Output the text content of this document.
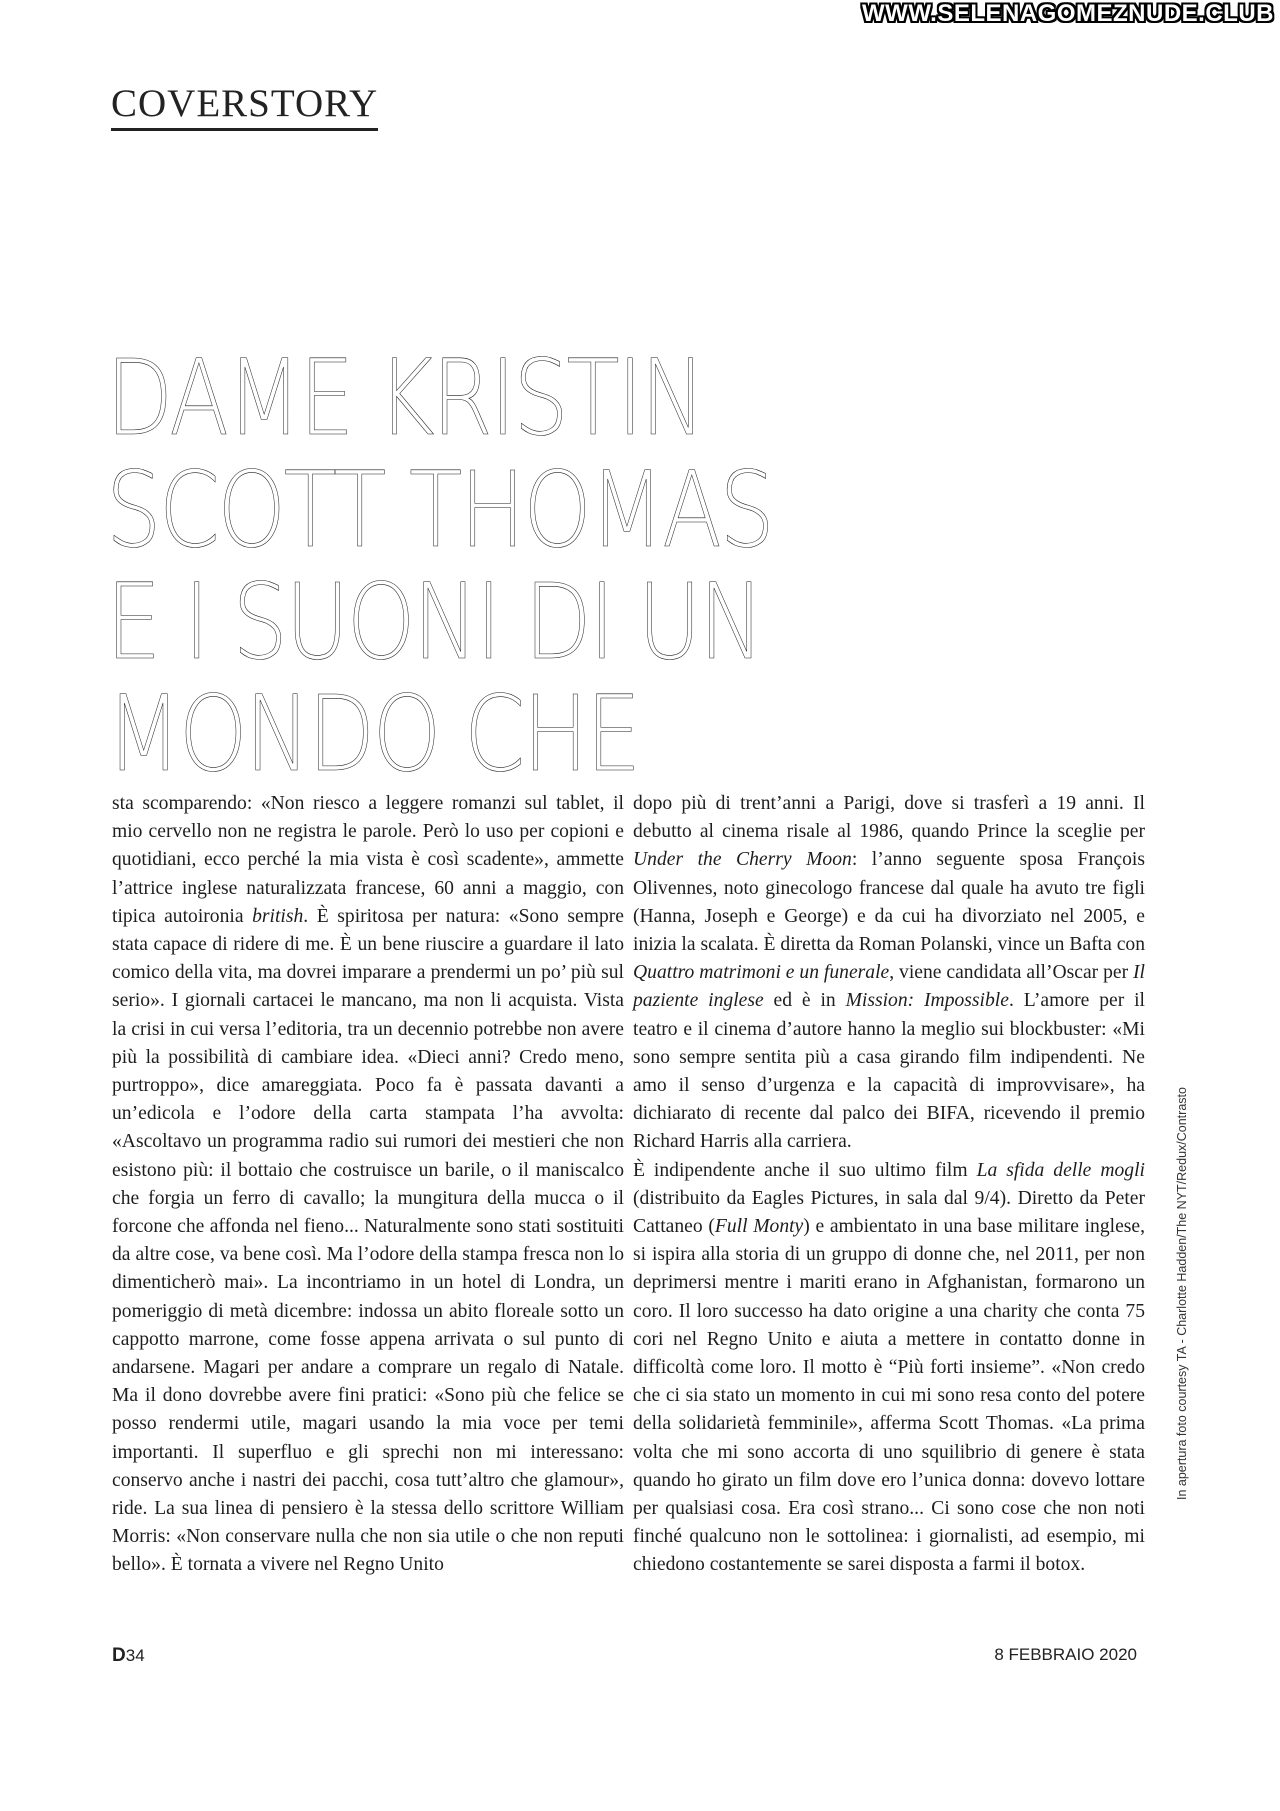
WWW.SELENAGOMEZNUDE.CLUB
COVERSTORY
DAME KRISTIN
SCOTT THOMAS
E I SUONI DI UN
MONDO CHE

sta scomparendo: «Non riesco a leggere romanzi sul tablet, il mio cervello non ne registra le parole. Però lo uso per copioni e quotidiani, ecco perché la mia vista è così scadente», ammette l’attrice inglese naturalizzata francese, 60 anni a maggio, con tipica autoironia british. È spiritosa per natura: «Sono sempre stata capace di ridere di me. È un bene riuscire a guardare il lato comico della vita, ma dovrei imparare a prendermi un po’ più sul serio». I giornali cartacei le mancano, ma non li acquista. Vista la crisi in cui versa l’editoria, tra un decennio potrebbe non avere più la possibilità di cambiare idea. «Dieci anni? Credo meno, purtroppo», dice amareggiata. Poco fa è passata davanti a un’edicola e l’odore della carta stampata l’ha avvolta: «Ascoltavo un programma radio sui rumori dei mestieri che non esistono più: il bottaio che costruisce un barile, o il maniscalco che forgia un ferro di cavallo; la mungitura della mucca o il forcone che affonda nel fieno... Naturalmente sono stati sostituiti da altre cose, va bene così. Ma l’odore della stampa fresca non lo dimenticherò mai». La incontriamo in un hotel di Londra, un pomeriggio di metà dicembre: indossa un abito floreale sotto un cappotto marrone, come fosse appena arrivata o sul punto di andarsene. Magari per andare a comprare un regalo di Natale. Ma il dono dovrebbe avere fini pratici: «Sono più che felice se posso rendermi utile, magari usando la mia voce per temi importanti. Il superfluo e gli sprechi non mi interessano: conservo anche i nastri dei pacchi, cosa tutt’altro che glamour», ride. La sua linea di pensiero è la stessa dello scrittore William Morris: «Non conservare nulla che non sia utile o che non reputi bello». È tornata a vivere nel Regno Unito

dopo più di trent’anni a Parigi, dove si trasferì a 19 anni. Il debutto al cinema risale al 1986, quando Prince la sceglie per Under the Cherry Moon: l’anno seguente sposa François Olivennes, noto ginecologo francese dal quale ha avuto tre figli (Hanna, Joseph e George) e da cui ha divorziato nel 2005, e inizia la scalata. È diretta da Roman Polanski, vince un Bafta con Quattro matrimoni e un funerale, viene candidata all’Oscar per Il paziente inglese ed è in Mission: Impossible. L’amore per il teatro e il cinema d’autore hanno la meglio sui blockbuster: «Mi sono sempre sentita più a casa girando film indipendenti. Ne amo il senso d’urgenza e la capacità di improvvisare», ha dichiarato di recente dal palco dei BIFA, ricevendo il premio Richard Harris alla carriera.

È indipendente anche il suo ultimo film La sfida delle mogli (distribuito da Eagles Pictures, in sala dal 9/4). Diretto da Peter Cattaneo (Full Monty) e ambientato in una base militare inglese, si ispira alla storia di un gruppo di donne che, nel 2011, per non deprimersi mentre i mariti erano in Afghanistan, formarono un coro. Il loro successo ha dato origine a una charity che conta 75 cori nel Regno Unito e aiuta a mettere in contatto donne in difficoltà come loro. Il motto è “Più forti insieme”. «Non credo che ci sia stato un momento in cui mi sono resa conto del potere della solidarietà femminile», afferma Scott Thomas. «La prima volta che mi sono accorta di uno squilibrio di genere è stata quando ho girato un film dove ero l’unica donna: dovevo lottare per qualsiasi cosa. Era così strano... Ci sono cose che non noti finché qualcuno non le sottolinea: i giornalisti, ad esempio, mi chiedono costantemente se sarei disposta a farmi il botox.

In apertura foto courtesy TA - Charlotte Hadden/The NYT/Redux/Contrasto
D34	8 FEBBRAIO 2020
